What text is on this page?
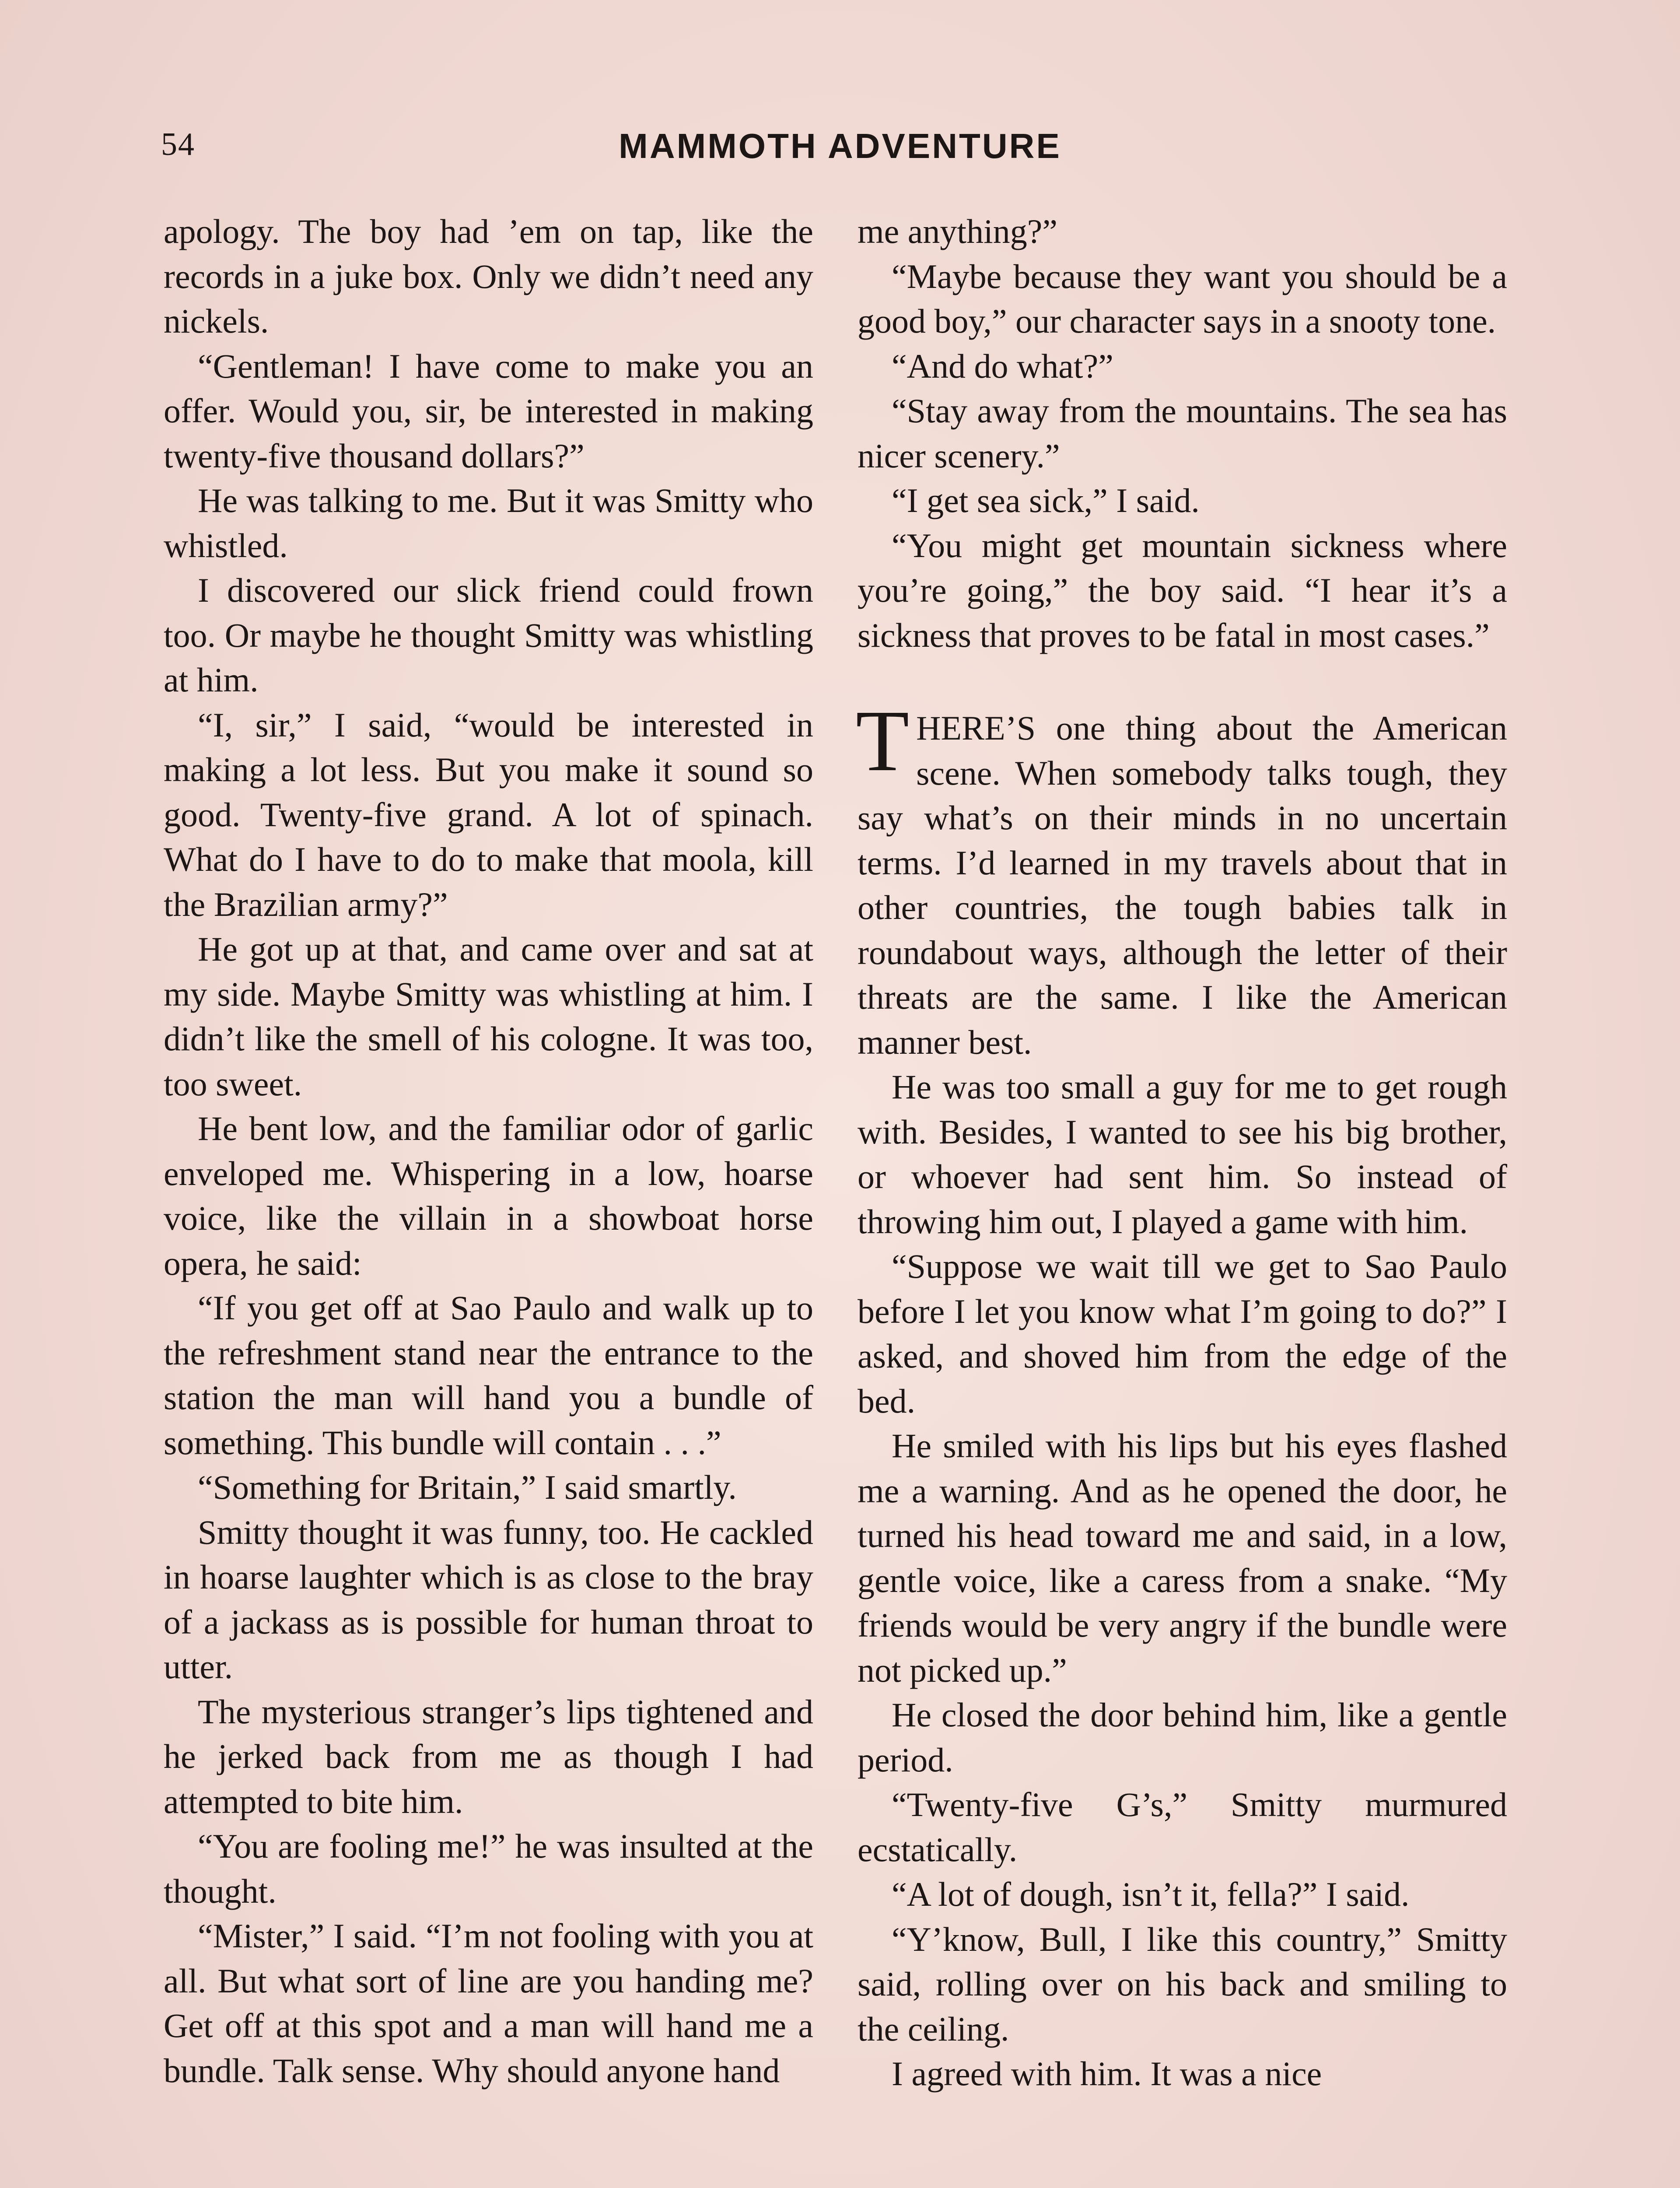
54	MAMMOTH ADVENTURE

apology. The boy had ’em on tap, like the records in a juke box. Only we didn’t need any nickels.

“Gentleman! I have come to make you an offer. Would you, sir, be interested in making twenty-five thousand dollars?”

He was talking to me. But it was Smitty who whistled.

I discovered our slick friend could frown too. Or maybe he thought Smitty was whistling at him.

“I, sir,” I said, “would be interested in making a lot less. But you make it sound so good. Twenty-five grand. A lot of spinach. What do I have to do to make that moola, kill the Brazilian army?”

He got up at that, and came over and sat at my side. Maybe Smitty was whistling at him. I didn’t like the smell of his cologne. It was too, too sweet.

He bent low, and the familiar odor of garlic enveloped me. Whispering in a low, hoarse voice, like the villain in a showboat horse opera, he said:

“If you get off at Sao Paulo and walk up to the refreshment stand near the entrance to the station the man will hand you a bundle of something. This bundle will contain . . .”

“Something for Britain,” I said smartly.

Smitty thought it was funny, too. He cackled in hoarse laughter which is as close to the bray of a jackass as is possible for human throat to utter.

The mysterious stranger’s lips tightened and he jerked back from me as though I had attempted to bite him.

“You are fooling me!” he was insulted at the thought.

“Mister,” I said. “I’m not fooling with you at all. But what sort of line are you handing me? Get off at this spot and a man will hand me a bundle. Talk sense. Why should anyone hand

me anything?”

“Maybe because they want you should be a good boy,” our character says in a snooty tone.

“And do what?”

“Stay away from the mountains. The sea has nicer scenery.”

“I get sea sick,” I said.

“You might get mountain sickness where you’re going,” the boy said. “I hear it’s a sickness that proves to be fatal in most cases.”

THERE’S one thing about the American scene. When somebody talks tough, they say what’s on their minds in no uncertain terms. I’d learned in my travels about that in other countries, the tough babies talk in roundabout ways, although the letter of their threats are the same. I like the American manner best.

He was too small a guy for me to get rough with. Besides, I wanted to see his big brother, or whoever had sent him. So instead of throwing him out, I played a game with him.

“Suppose we wait till we get to Sao Paulo before I let you know what I’m going to do?” I asked, and shoved him from the edge of the bed.

He smiled with his lips but his eyes flashed me a warning. And as he opened the door, he turned his head toward me and said, in a low, gentle voice, like a caress from a snake. “My friends would be very angry if the bundle were not picked up.”

He closed the door behind him, like a gentle period.

“Twenty-five G’s,” Smitty murmured ecstatically.

“A lot of dough, isn’t it, fella?” I said.

“Y’know, Bull, I like this country,” Smitty said, rolling over on his back and smiling to the ceiling.

I agreed with him. It was a nice
